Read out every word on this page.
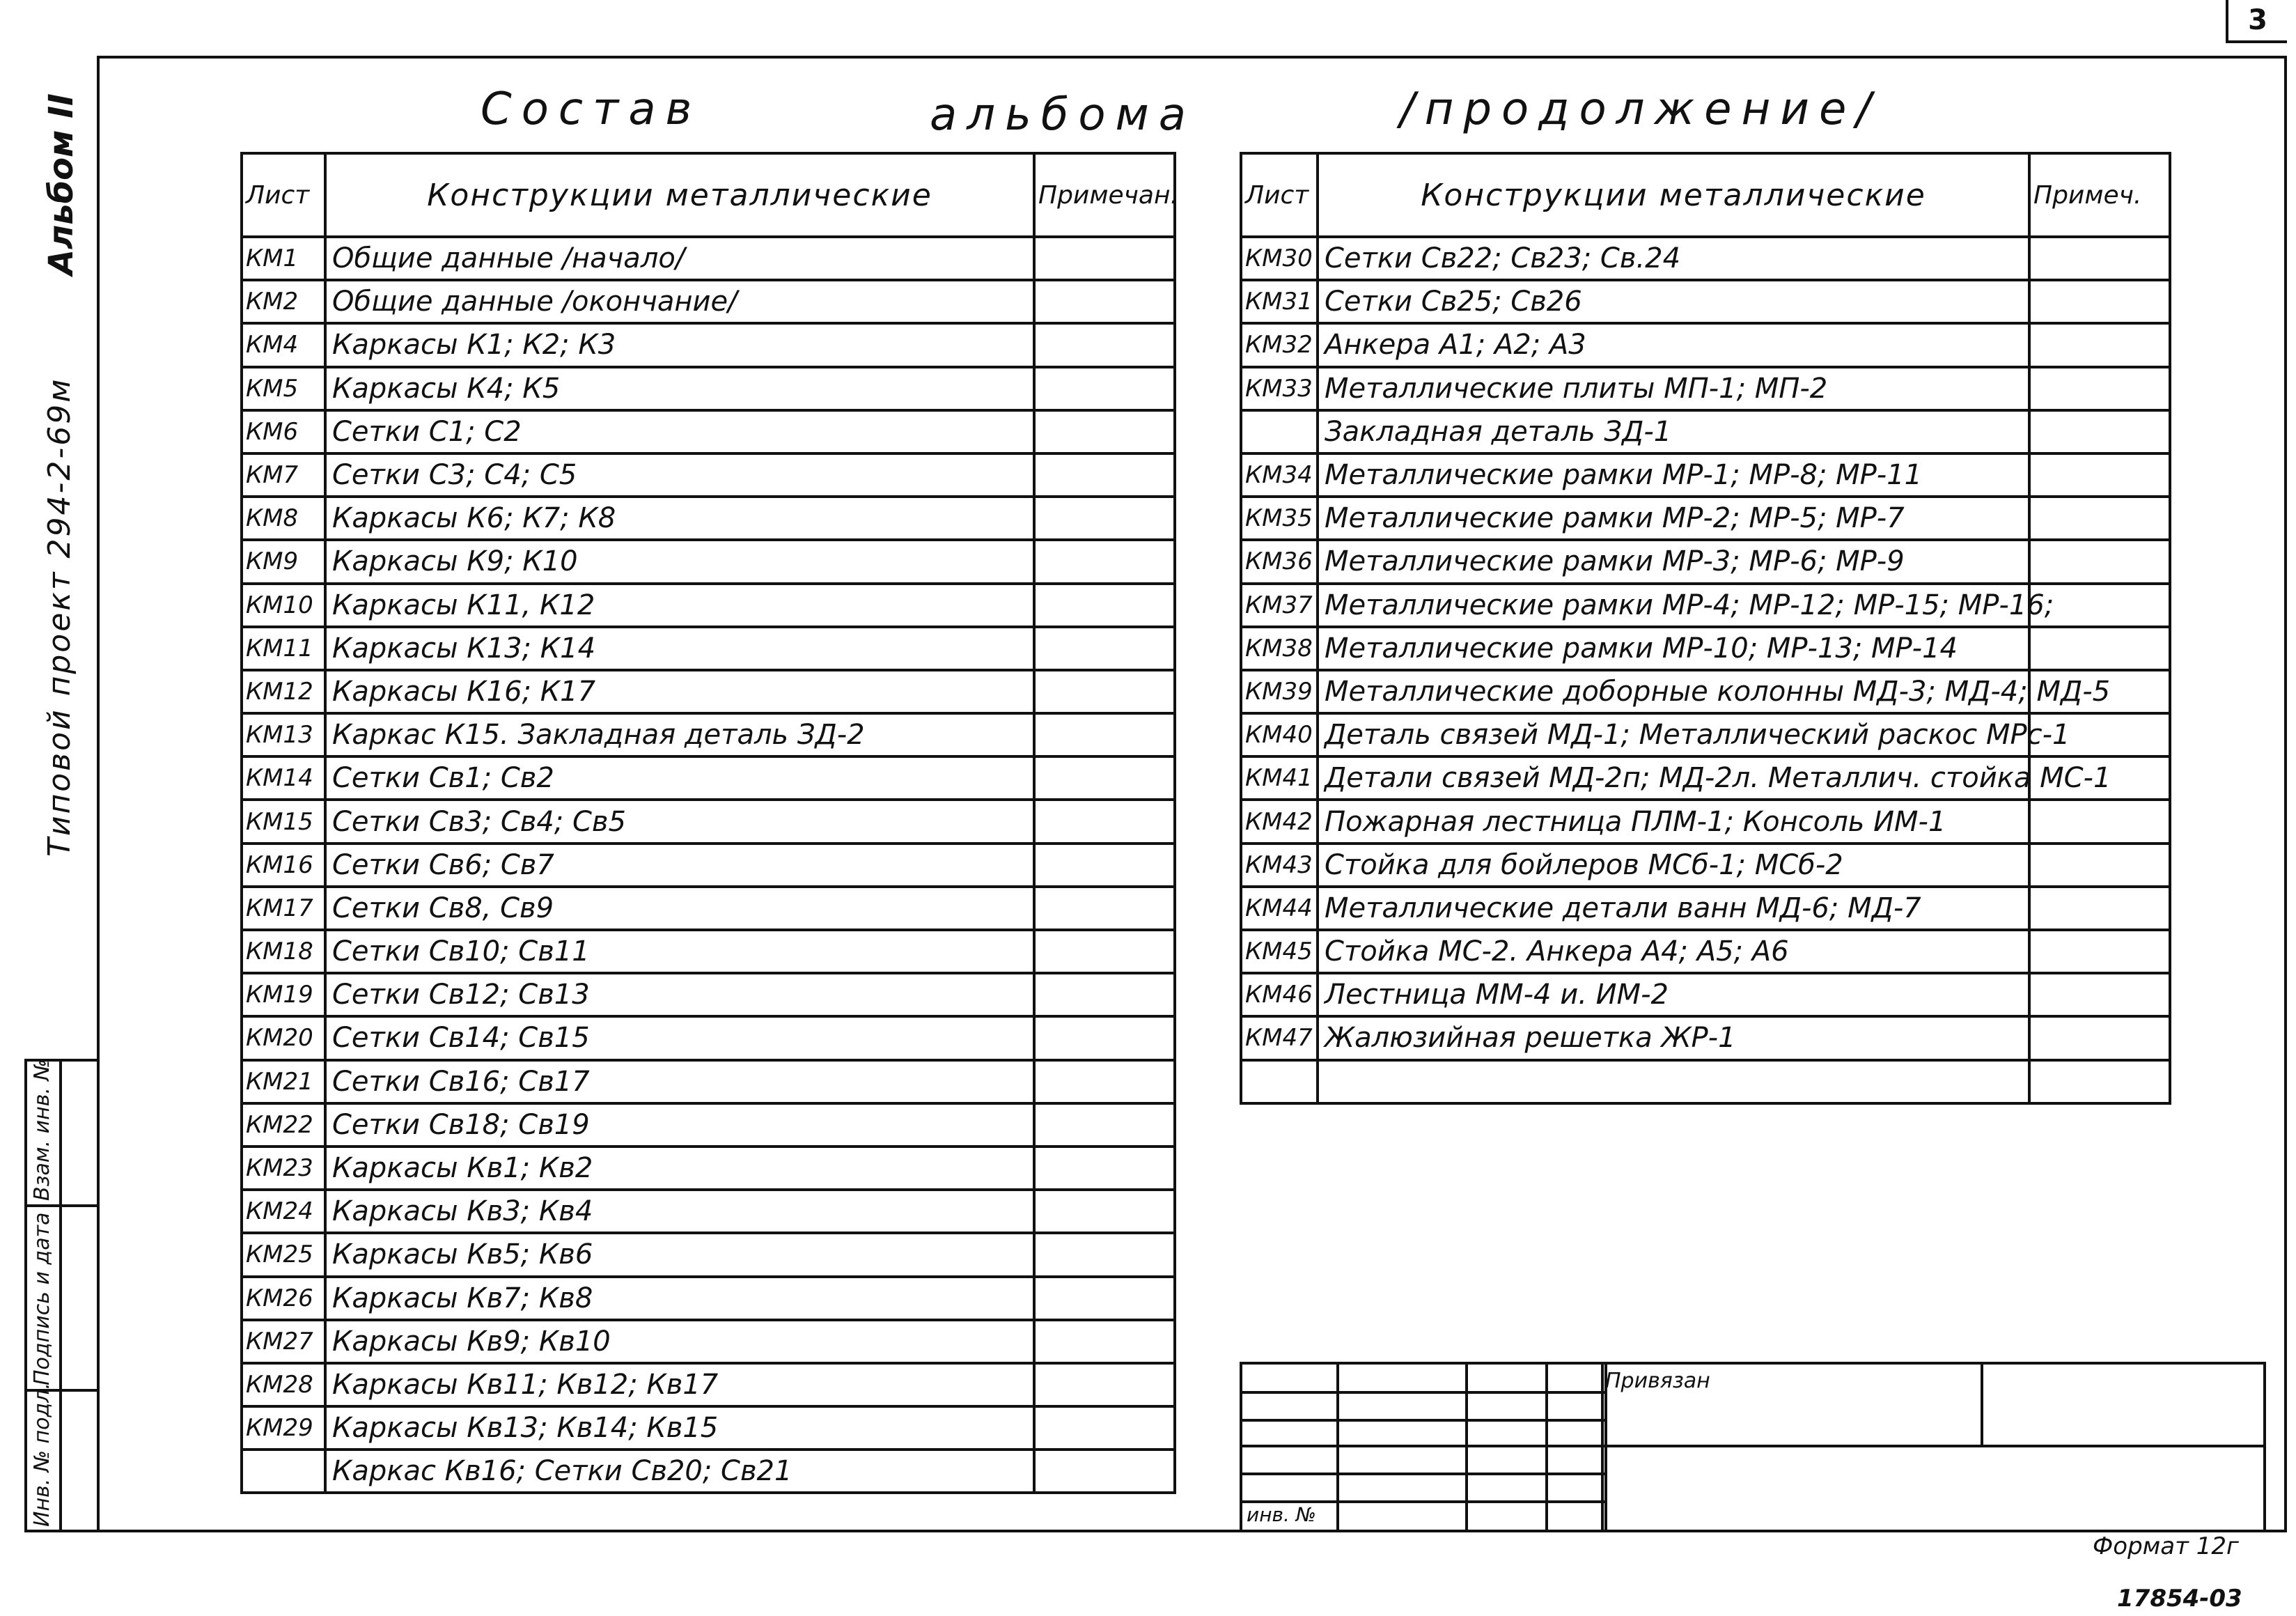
3
Состав	альбома	/продолжение/
Альбом II
Типовой проект 294-2-69м
Инв. № подл.
Подпись и дата
Взам. инв. №
Лист	Конструкции металлические	Примечан.
КМ1	Общие данные /начало/	
КМ2	Общие данные /окончание/	
КМ4	Каркасы К1; К2; К3	
КМ5	Каркасы К4; К5	
КМ6	Сетки С1; С2	
КМ7	Сетки С3; С4; С5	
КМ8	Каркасы К6; К7; К8	
КМ9	Каркасы К9; К10	
КМ10	Каркасы К11, К12	
КМ11	Каркасы К13; К14	
КМ12	Каркасы К16; К17	
КМ13	Каркас К15. Закладная деталь ЗД-2	
КМ14	Сетки Св1; Св2	
КМ15	Сетки Св3; Св4; Св5	
КМ16	Сетки Св6; Св7	
КМ17	Сетки Св8, Св9	
КМ18	Сетки Св10; Св11	
КМ19	Сетки Св12; Св13	
КМ20	Сетки Св14; Св15	
КМ21	Сетки Св16; Св17	
КМ22	Сетки Св18; Св19	
КМ23	Каркасы Кв1; Кв2	
КМ24	Каркасы Кв3; Кв4	
КМ25	Каркасы Кв5; Кв6	
КМ26	Каркасы Кв7; Кв8	
КМ27	Каркасы Кв9; Кв10	
КМ28	Каркасы Кв11; Кв12; Кв17	
КМ29	Каркасы Кв13; Кв14; Кв15	
	Каркас Кв16; Сетки Св20; Св21	
Лист	Конструкции металлические	Примеч.
КМ30	Сетки Св22; Св23; Св.24	
КМ31	Сетки Св25; Св26	
КМ32	Анкера А1; А2; А3	
КМ33	Металлические плиты МП-1; МП-2	
	Закладная деталь ЗД-1	
КМ34	Металлические рамки МР-1; МР-8; МР-11	
КМ35	Металлические рамки МР-2; МР-5; МР-7	
КМ36	Металлические рамки МР-3; МР-6; МР-9	
КМ37	Металлические рамки МР-4; МР-12; МР-15; МР-16;	
КМ38	Металлические рамки МР-10; МР-13; МР-14	
КМ39	Металлические доборные колонны МД-3; МД-4; МД-5	
КМ40	Деталь связей МД-1; Металлический раскос МРс-1	
КМ41	Детали связей МД-2п; МД-2л. Металлич. стойка МС-1	
КМ42	Пожарная лестница ПЛМ-1; Консоль ИМ-1	
КМ43	Стойка для бойлеров МСб-1; МСб-2	
КМ44	Металлические детали ванн МД-6; МД-7	
КМ45	Стойка МС-2. Анкера А4; А5; А6	
КМ46	Лестница ММ-4 и. ИМ-2	
КМ47	Жалюзийная решетка ЖР-1	

Привязан
инв. №
Формат 12г
17854-03
